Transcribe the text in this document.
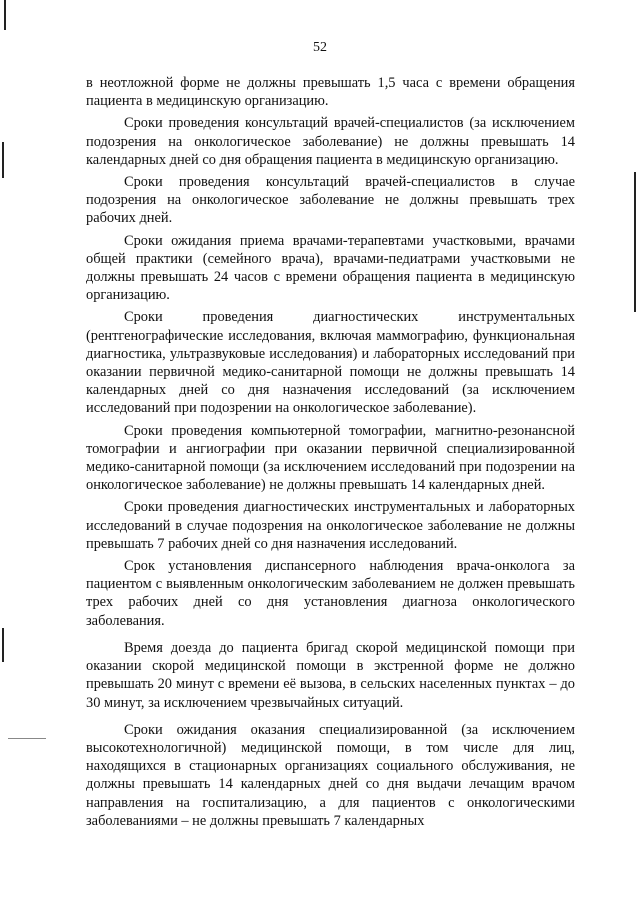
52

в неотложной форме не должны превышать 1,5 часа с времени обращения пациента в медицинскую организацию.

Сроки проведения консультаций врачей-специалистов (за исключением подозрения на онкологическое заболевание) не должны превышать 14 календарных дней со дня обращения пациента в медицинскую организацию.

Сроки проведения консультаций врачей-специалистов в случае подозрения на онкологическое заболевание не должны превышать трех рабочих дней.

Сроки ожидания приема врачами-терапевтами участковыми, врачами общей практики (семейного врача), врачами-педиатрами участковыми не должны превышать 24 часов с времени обращения пациента в медицинскую организацию.

Сроки проведения диагностических инструментальных (рентгенографические исследования, включая маммографию, функциональная диагностика, ультразвуковые исследования) и лабораторных исследований при оказании первичной медико-санитарной помощи не должны превышать 14 календарных дней со дня назначения исследований (за исключением исследований при подозрении на онкологическое заболевание).

Сроки проведения компьютерной томографии, магнитно-резонансной томографии и ангиографии при оказании первичной специализированной медико-санитарной помощи (за исключением исследований при подозрении на онкологическое заболевание) не должны превышать 14 календарных дней.

Сроки проведения диагностических инструментальных и лабораторных исследований в случае подозрения на онкологическое заболевание не должны превышать 7 рабочих дней со дня назначения исследований.

Срок установления диспансерного наблюдения врача-онколога за пациентом с выявленным онкологическим заболеванием не должен превышать трех рабочих дней со дня установления диагноза онкологического заболевания.

Время доезда до пациента бригад скорой медицинской помощи при оказании скорой медицинской помощи в экстренной форме не должно превышать 20 минут с времени её вызова, в сельских населенных пунктах – до 30 минут, за исключением чрезвычайных ситуаций.

Сроки ожидания оказания специализированной (за исключением высокотехнологичной) медицинской помощи, в том числе для лиц, находящихся в стационарных организациях социального обслуживания, не должны превышать 14 календарных дней со дня выдачи лечащим врачом направления на госпитализацию, а для пациентов с онкологическими заболеваниями – не должны превышать 7 календарных
